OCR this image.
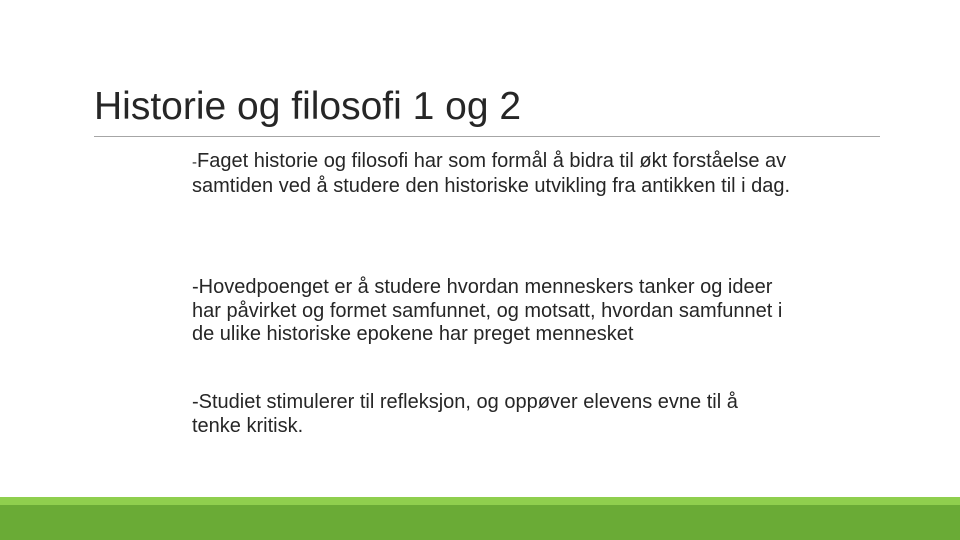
Historie og filosofi 1 og 2
-Faget historie og filosofi har som formål å bidra til økt forståelse av samtiden ved å studere den historiske utvikling fra antikken til i dag.
-Hovedpoenget er å studere hvordan menneskers tanker og ideer har påvirket og formet samfunnet, og motsatt, hvordan samfunnet i de ulike historiske epokene har preget mennesket
-Studiet stimulerer til refleksjon, og oppøver elevens evne til å tenke kritisk.
